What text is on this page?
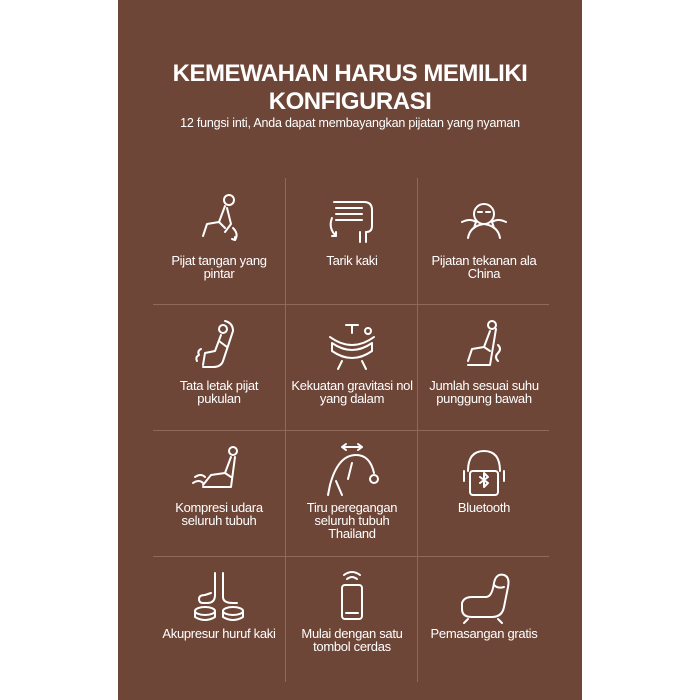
KEMEWAHAN HARUS MEMILIKI
KONFIGURASI
12 fungsi inti, Anda dapat membayangkan pijatan yang nyaman
Pijat tangan yang pintar
Tarik kaki	Pijatan tekanan ala China
Tata letak pijat pukulan
Kekuatan gravitasi nol yang dalam
Jumlah sesuai suhu punggung bawah
Kompresi udara seluruh tubuh
Tiru peregangan seluruh tubuh Thailand
Bluetooth
Akupresur huruf kaki	Mulai dengan satu tombol cerdas
Pemasangan gratis
